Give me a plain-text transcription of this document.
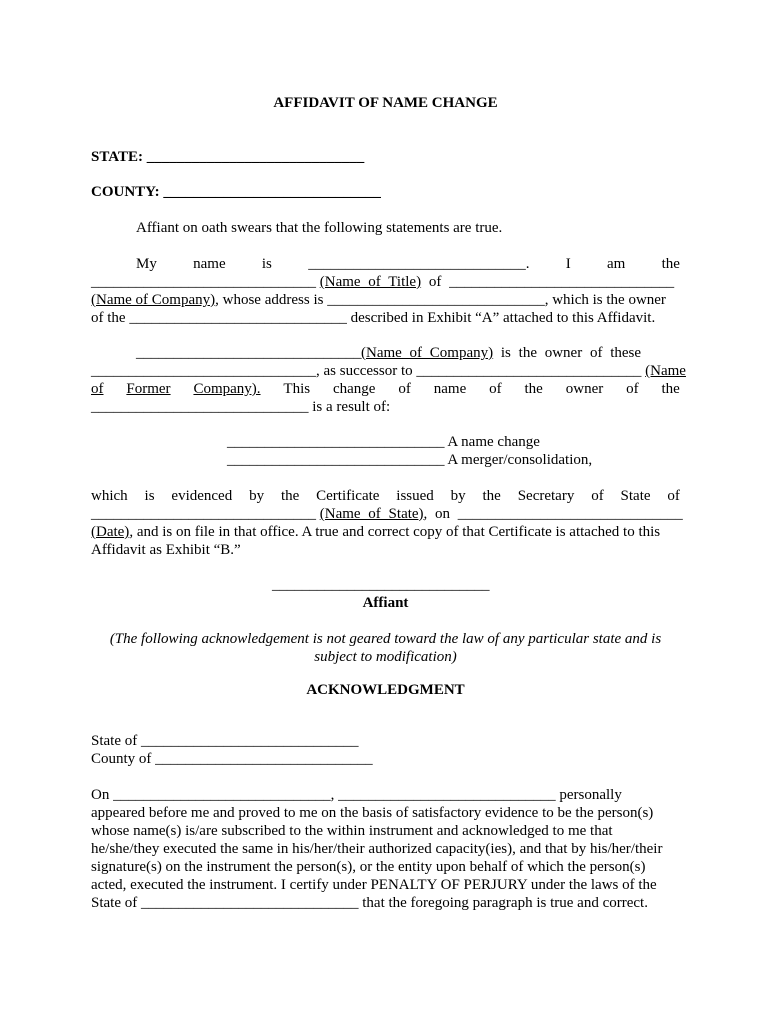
AFFIDAVIT OF NAME CHANGE
STATE: _____________________________
COUNTY: _____________________________
Affiant on oath swears that the following statements are true.
My name is _____________________________. I am the
______________________________ (Name of Title) of ______________________________
(Name of Company), whose address is _____________________________, which is the owner
of the _____________________________ described in Exhibit “A” attached to this Affidavit.
______________________________(Name of Company) is the owner of these
______________________________, as successor to ______________________________ (Name
of Former Company). This change of name of the owner of the
_____________________________ is a result of:
_____________________________ A name change
_____________________________ A merger/consolidation,
which is evidenced by the Certificate issued by the Secretary of State of
______________________________ (Name of State), on ______________________________
(Date), and is on file in that office. A true and correct copy of that Certificate is attached to this
Affidavit as Exhibit “B.”
_____________________________
Affiant
(The following acknowledgement is not geared toward the law of any particular state and is
subject to modification)
ACKNOWLEDGMENT
State of _____________________________
County of _____________________________
On _____________________________, _____________________________ personally
appeared before me and proved to me on the basis of satisfactory evidence to be the person(s)
whose name(s) is/are subscribed to the within instrument and acknowledged to me that
he/she/they executed the same in his/her/their authorized capacity(ies), and that by his/her/their
signature(s) on the instrument the person(s), or the entity upon behalf of which the person(s)
acted, executed the instrument. I certify under PENALTY OF PERJURY under the laws of the
State of _____________________________ that the foregoing paragraph is true and correct.
